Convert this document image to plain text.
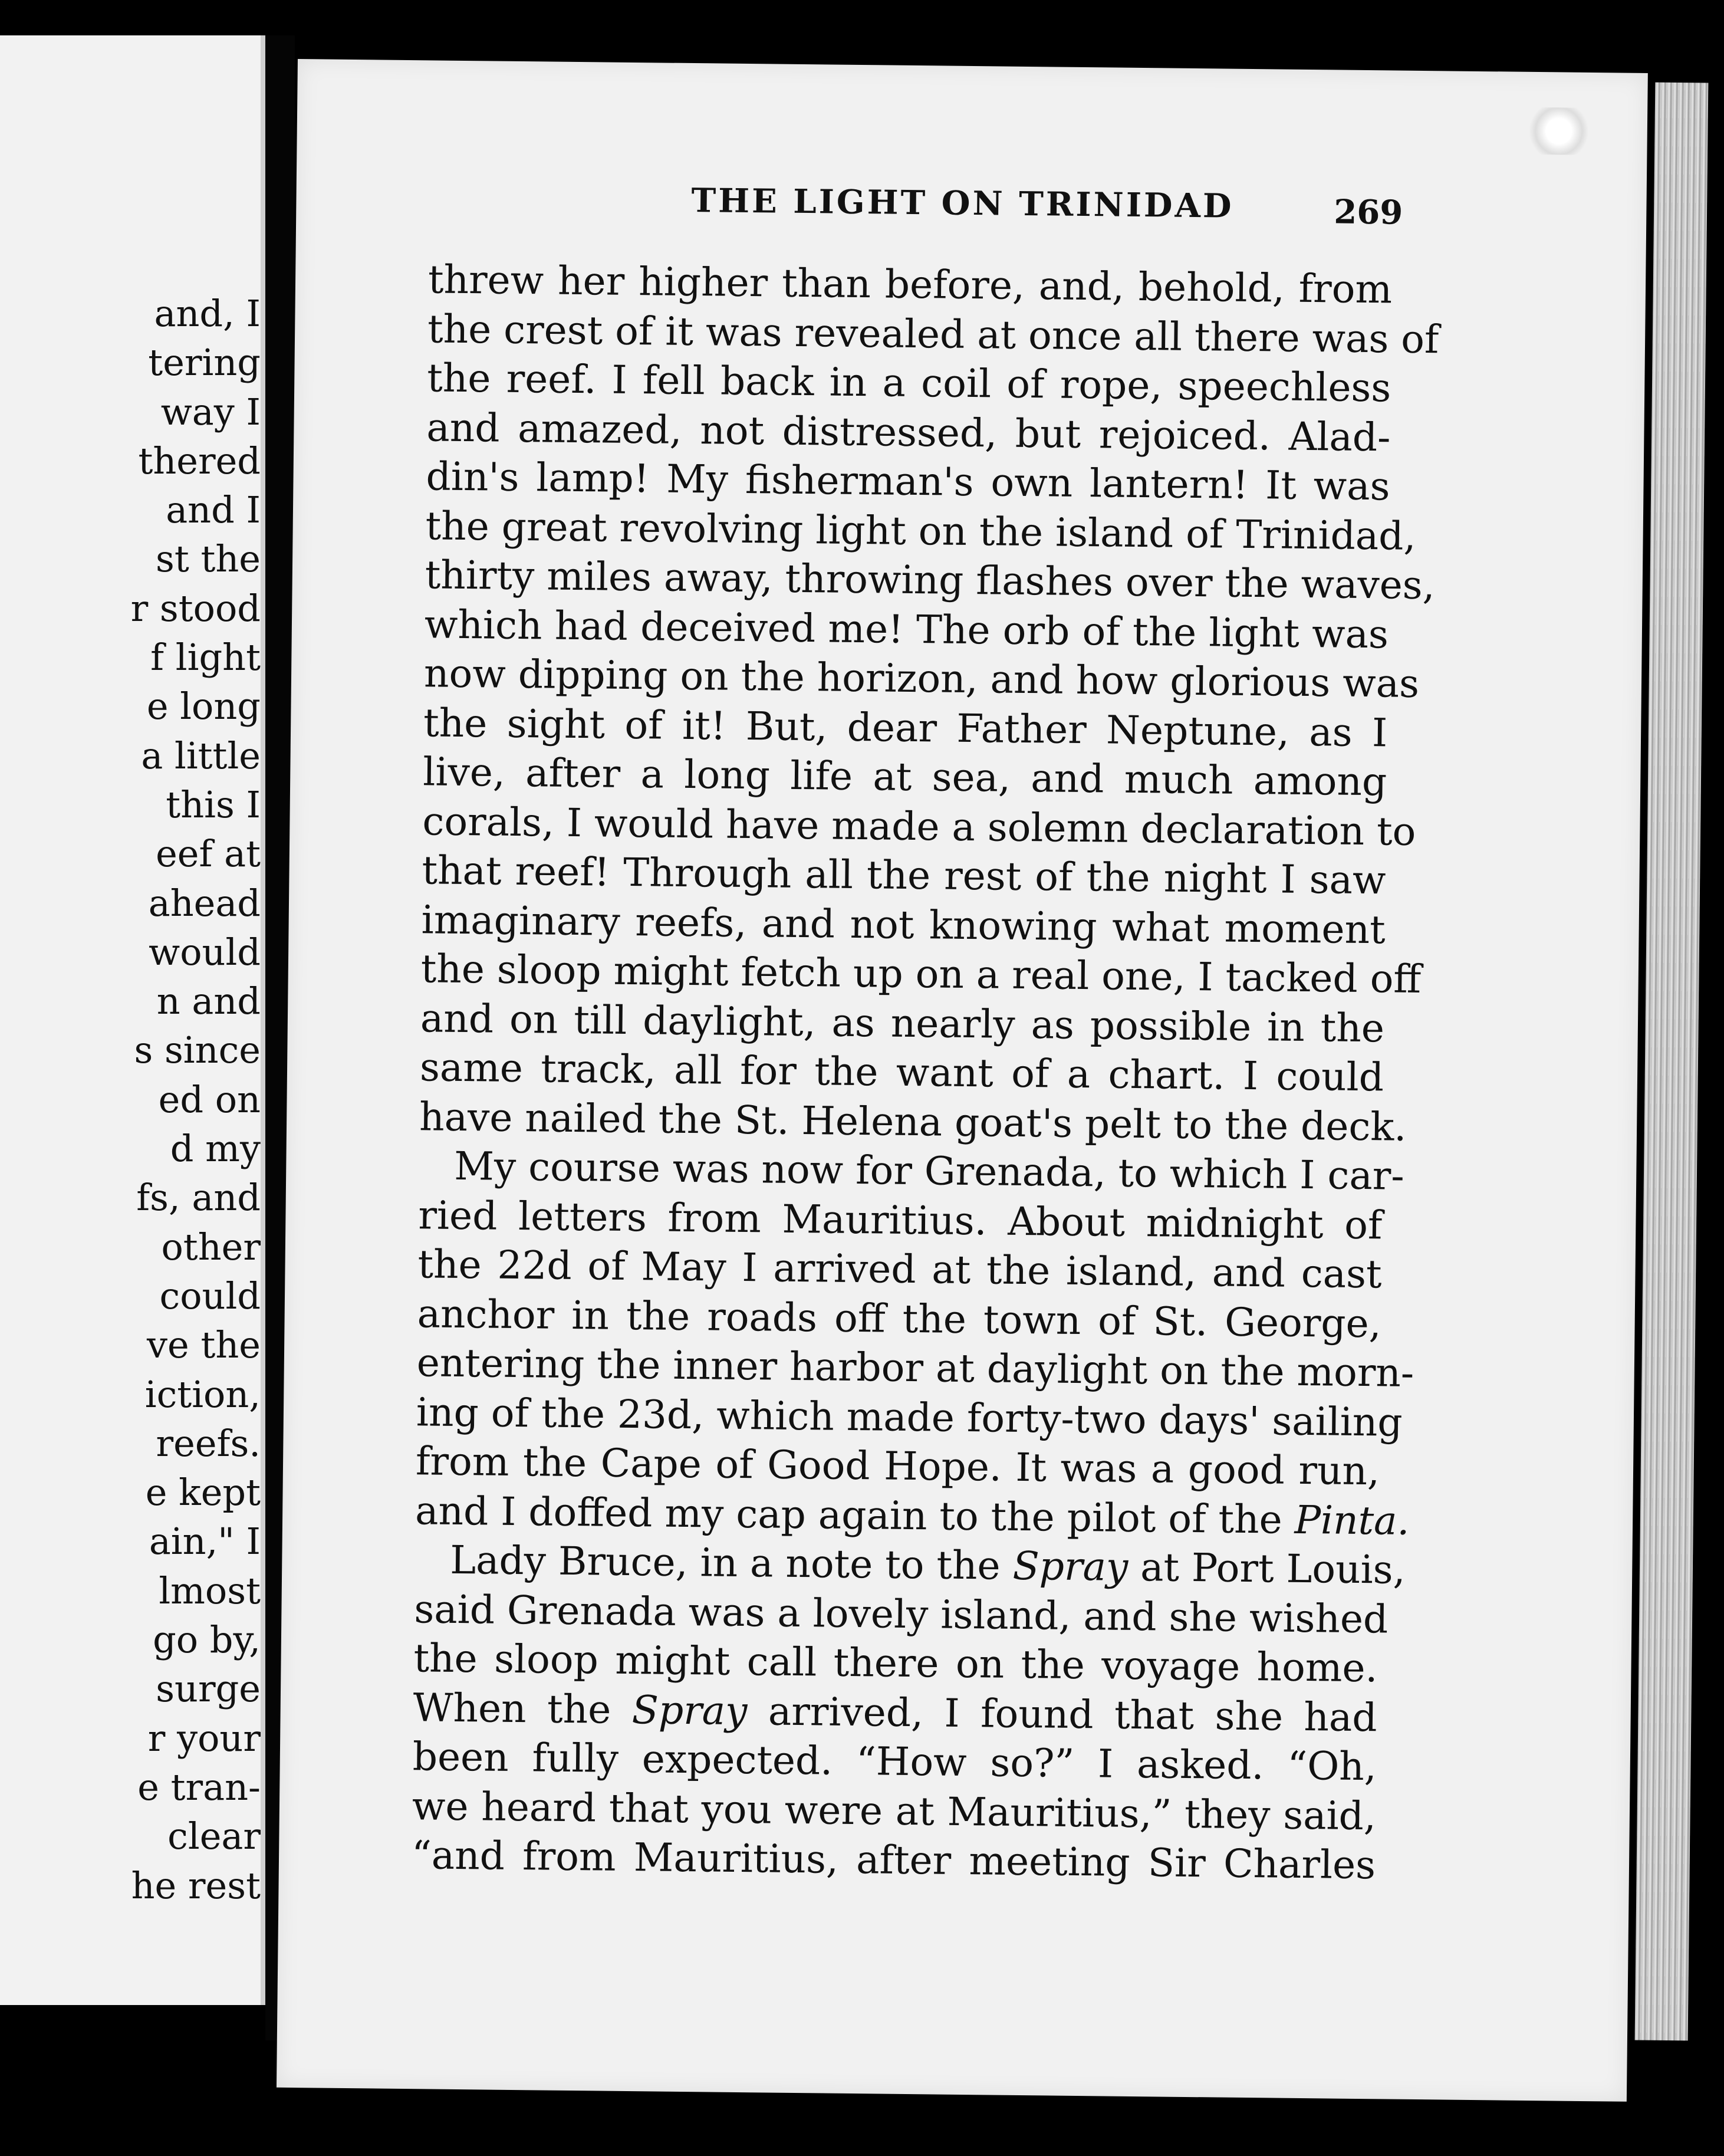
and, I
tering
way I
thered
and I
st the
r stood
f light
e long
a little
this I
eef at
ahead
would
n and
s since
ed on
d my
fs, and
other
could
ve the
iction,
reefs.
e kept
ain," I
lmost
go by,
surge
r your
e tran-
clear
he rest
THE LIGHT ON TRINIDAD	269
threw her higher than before, and, behold, from
the crest of it was revealed at once all there was of
the reef. I fell back in a coil of rope, speechless
and amazed, not distressed, but rejoiced. Alad-
din's lamp! My fisherman's own lantern! It was
the great revolving light on the island of Trinidad,
thirty miles away, throwing flashes over the waves,
which had deceived me! The orb of the light was
now dipping on the horizon, and how glorious was
the sight of it! But, dear Father Neptune, as I
live, after a long life at sea, and much among
corals, I would have made a solemn declaration to
that reef! Through all the rest of the night I saw
imaginary reefs, and not knowing what moment
the sloop might fetch up on a real one, I tacked off
and on till daylight, as nearly as possible in the
same track, all for the want of a chart. I could
have nailed the St. Helena goat's pelt to the deck.
My course was now for Grenada, to which I car-
ried letters from Mauritius. About midnight of
the 22d of May I arrived at the island, and cast
anchor in the roads off the town of St. George,
entering the inner harbor at daylight on the morn-
ing of the 23d, which made forty-two days' sailing
from the Cape of Good Hope. It was a good run,
and I doffed my cap again to the pilot of the Pinta.
Lady Bruce, in a note to the Spray at Port Louis,
said Grenada was a lovely island, and she wished
the sloop might call there on the voyage home.
When the Spray arrived, I found that she had
been fully expected. “How so?” I asked. “Oh,
we heard that you were at Mauritius,” they said,
“and from Mauritius, after meeting Sir Charles
